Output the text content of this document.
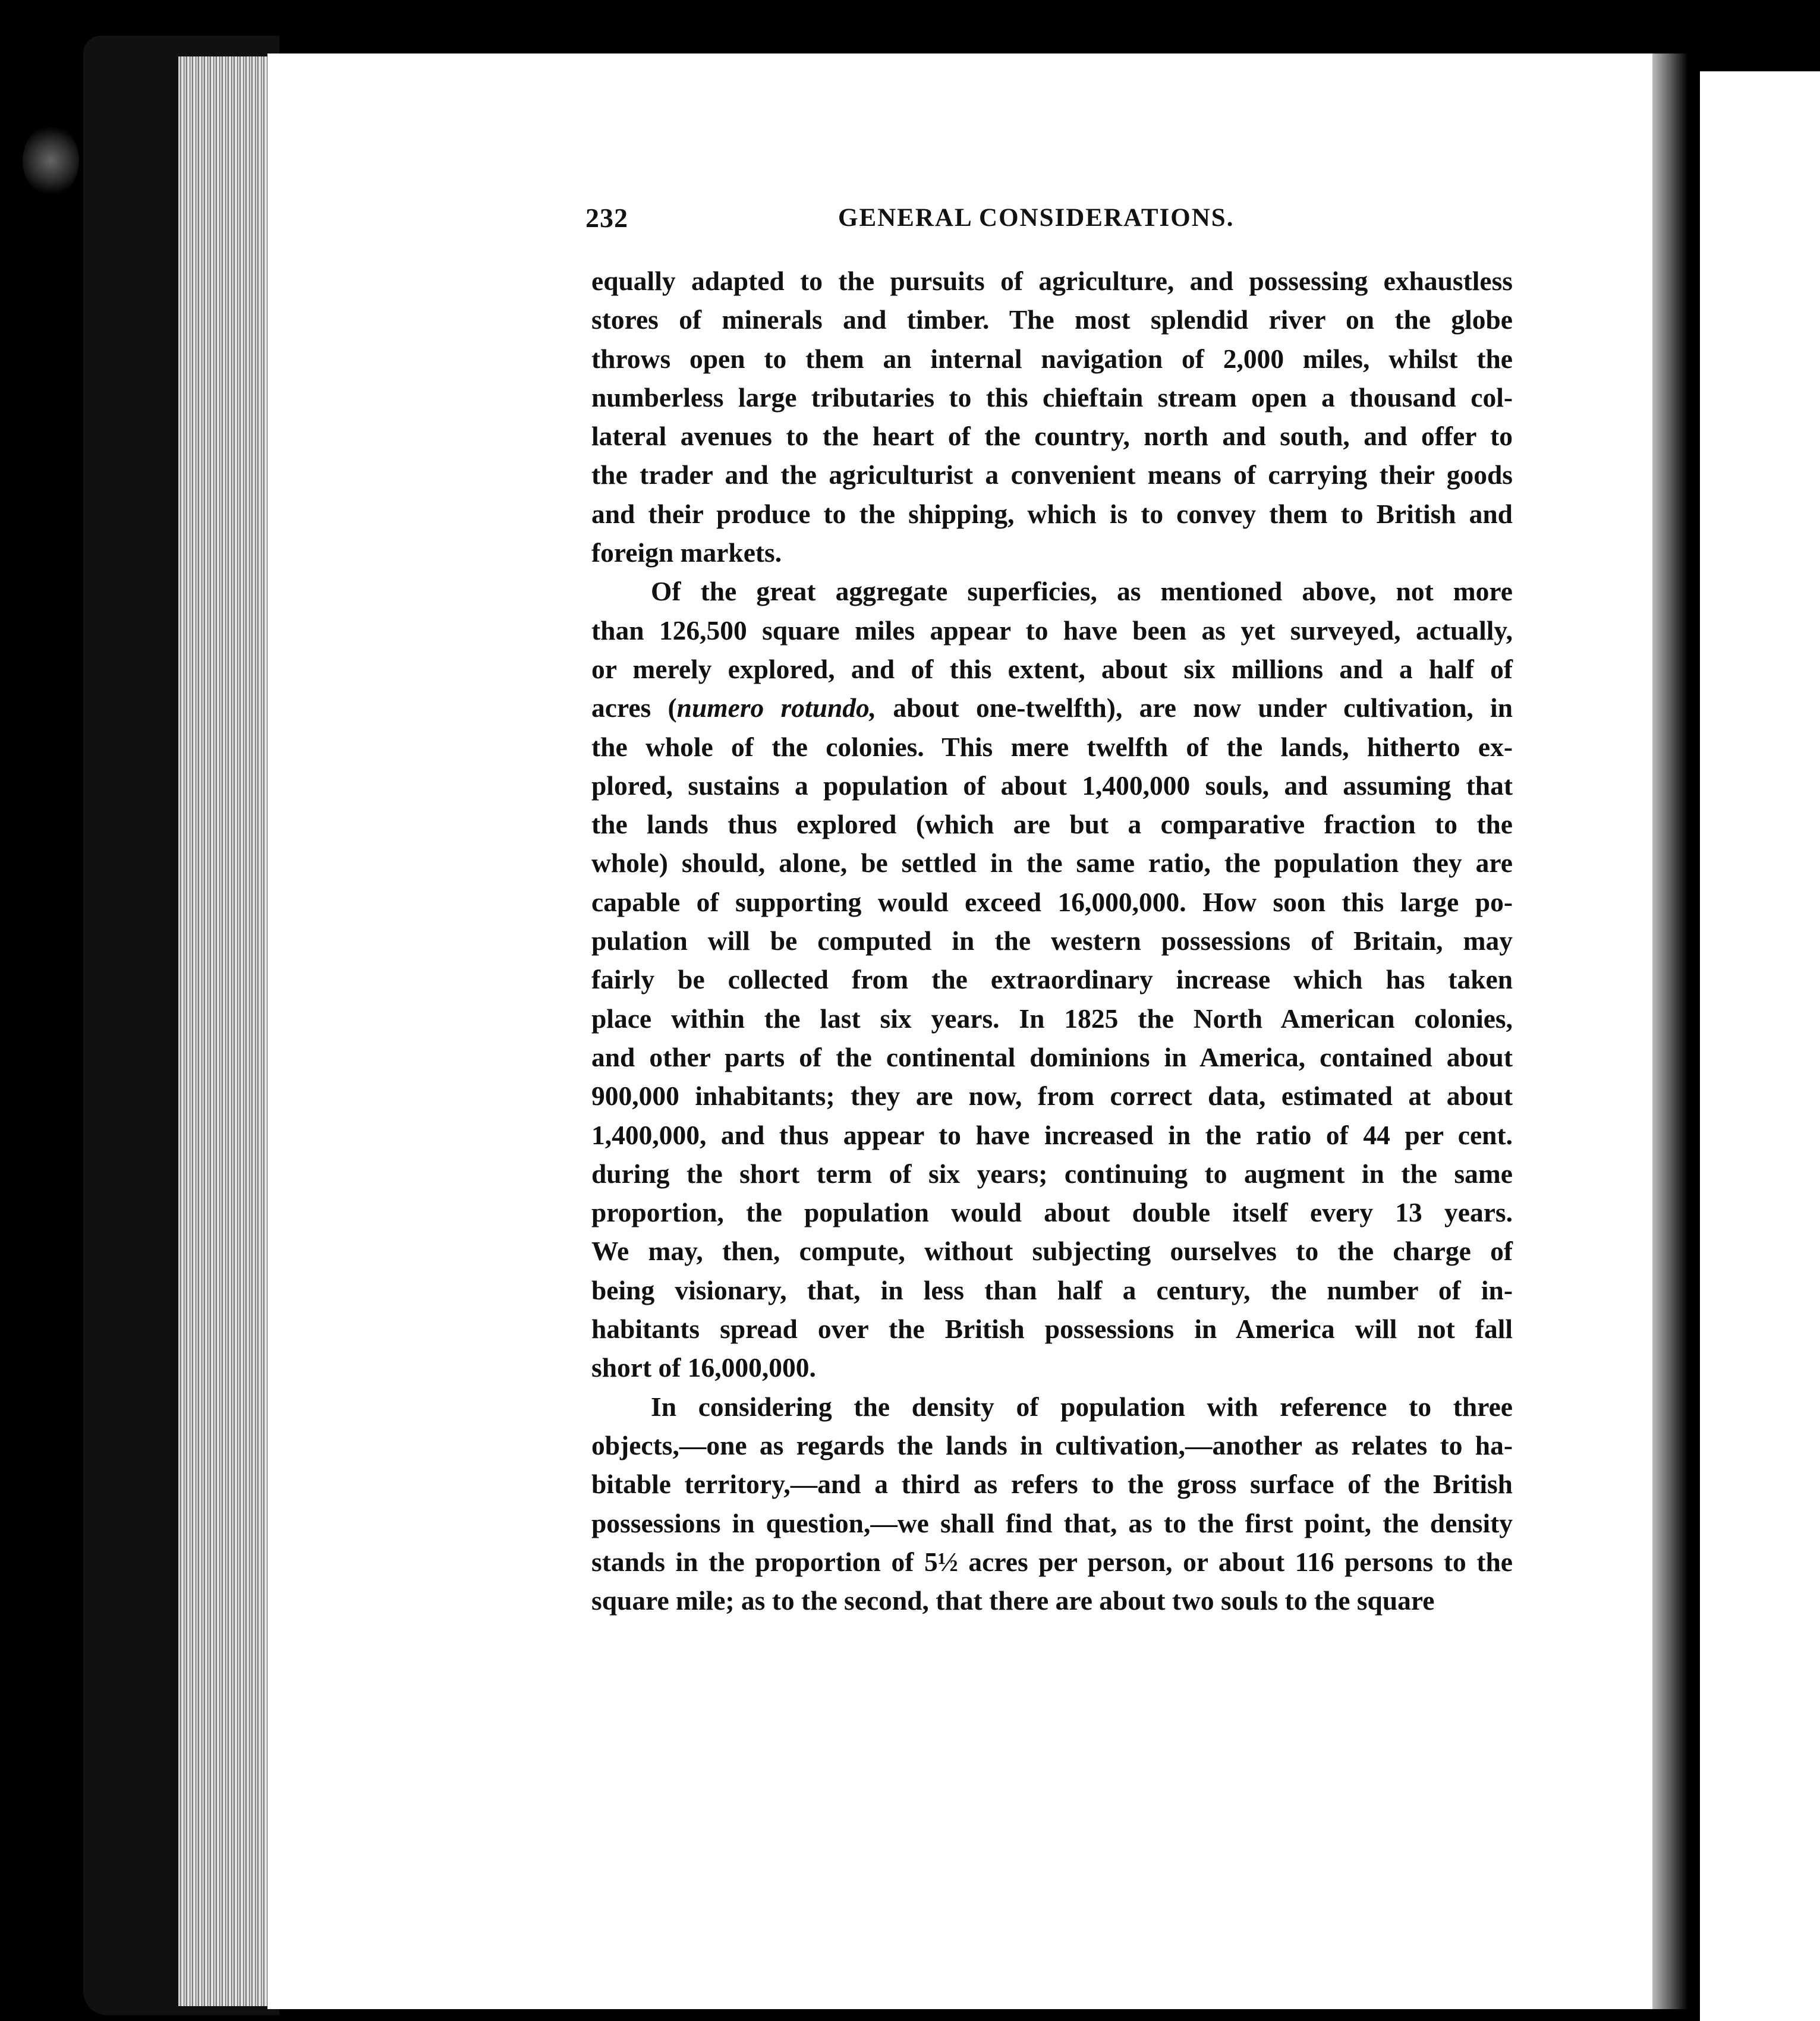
232	GENERAL CONSIDERATIONS.
equally adapted to the pursuits of agriculture, and possessing exhaustless
stores of minerals and timber. The most splendid river on the globe
throws open to them an internal navigation of 2,000 miles, whilst the
numberless large tributaries to this chieftain stream open a thousand col-
lateral avenues to the heart of the country, north and south, and offer to
the trader and the agriculturist a convenient means of carrying their goods
and their produce to the shipping, which is to convey them to British and
foreign markets.
Of the great aggregate superficies, as mentioned above, not more
than 126,500 square miles appear to have been as yet surveyed, actually,
or merely explored, and of this extent, about six millions and a half of
acres (numero rotundo, about one-twelfth), are now under cultivation, in
the whole of the colonies. This mere twelfth of the lands, hitherto ex-
plored, sustains a population of about 1,400,000 souls, and assuming that
the lands thus explored (which are but a comparative fraction to the
whole) should, alone, be settled in the same ratio, the population they are
capable of supporting would exceed 16,000,000. How soon this large po-
pulation will be computed in the western possessions of Britain, may
fairly be collected from the extraordinary increase which has taken
place within the last six years. In 1825 the North American colonies,
and other parts of the continental dominions in America, contained about
900,000 inhabitants; they are now, from correct data, estimated at about
1,400,000, and thus appear to have increased in the ratio of 44 per cent.
during the short term of six years; continuing to augment in the same
proportion, the population would about double itself every 13 years.
We may, then, compute, without subjecting ourselves to the charge of
being visionary, that, in less than half a century, the number of in-
habitants spread over the British possessions in America will not fall
short of 16,000,000.
In considering the density of population with reference to three
objects,—one as regards the lands in cultivation,—another as relates to ha-
bitable territory,—and a third as refers to the gross surface of the British
possessions in question,—we shall find that, as to the first point, the density
stands in the proportion of 5½ acres per person, or about 116 persons to the
square mile; as to the second, that there are about two souls to the square
